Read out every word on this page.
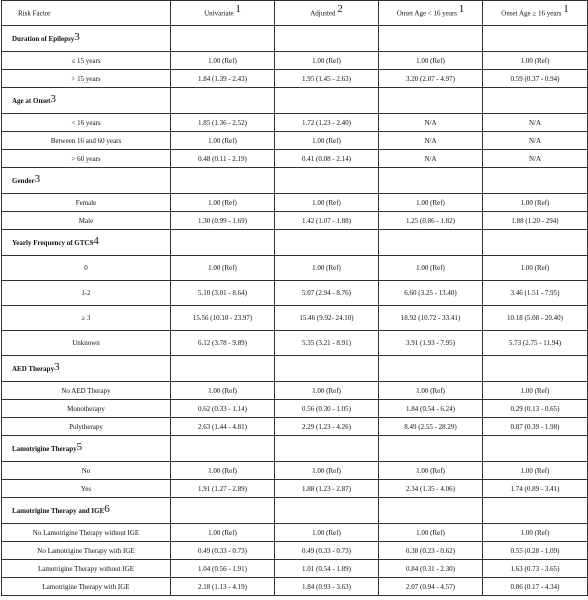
Risk Factor	Univariate $^1$	Adjusted $^2$	Onset Age < 16 years $^1$	Onset Age ≥ 16 years $^1$
Duration of Epilepsy$^3$				
≤ 15 years	1.00 (Ref)	1.00 (Ref)	1.00 (Ref)	1.00 (Ref)
> 15 years	1.84 (1.39 - 2.43)	1.95 (1.45 - 2.63)	3.20 (2.07 - 4.97)	0.59 (0.37 - 0.94)
Age at Onset$^3$				
< 16 years	1.85 (1.36 - 2.52)	1.72 (1.23 - 2.40)	N/A	N/A
Between 16 and 60 years	1.00 (Ref)	1.00 (Ref)	N/A	N/A
> 60 years	0.48 (0.11 - 2.19)	0.41 (0.08 - 2.14)	N/A	N/A
Gender$^3$				
Female	1.00 (Ref)	1.00 (Ref)	1.00 (Ref)	1.00 (Ref)
Male	1.30 (0.99 - 1.69)	1.42 (1.07 - 1.88)	1.25 (0.86 - 1.82)	1.88 (1.20 - 294)
Yearly Frequency of GTCS$^4$				
0	1.00 (Ref)	1.00 (Ref)	1.00 (Ref)	1.00 (Ref)
1-2	5.10 (3.01 - 8.64)	5.07 (2.94 - 8.76)	6.60 (3.25 - 13.40)	3.46 (1.51 - 7.95)
≥ 3	15.56 (10.10 - 23.97)	15.46 (9.92- 24.10)	18.92 (10.72 - 33.41)	10.18 (5.08 - 20.40)
Unknown	6.12 (3.78 - 9.89)	5.35 (3.21 - 8.91)	3.91 (1.93 - 7.95)	5.73 (2.75 - 11.94)
AED Therapy$^3$				
No AED Therapy	1.00 (Ref)	1.00 (Ref)	1.00 (Ref)	1.00 (Ref)
Monotherapy	0.62 (0.33 - 1.14)	0.56 (0.30 - 1.05)	1.84 (0.54 - 6.24)	0.29 (0.13 - 0.65)
Polytherapy	2.63 (1.44 - 4.81)	2.29 (1.23 - 4.26)	8.49 (2.55 - 28.29)	0.87 (0.39 - 1.98)
Lamotrigine Therapy$^5$				
No	1.00 (Ref)	1.00 (Ref)	1.00 (Ref)	1.00 (Ref)
Yes	1.91 (1.27 - 2.89)	1.88 (1.23 - 2.87)	2.34 (1.35 - 4.06)	1.74 (0.89 - 3.41)
Lamotrigine Therapy and IGE$^6$				
No Lamotrigine Therapy without IGE	1.00 (Ref)	1.00 (Ref)	1.00 (Ref)	1.00 (Ref)
No Lamotrigine Therapy with IGE	0.49 (0.33 - 0.73)	0.49 (0.33 - 0.73)	0.38 (0.23 - 0.62)	0.55 (0.28 - 1.09)
Lamotrigine Therapy without IGE	1.04 (0.56 - 1.91)	1.01 (0.54 - 1.89)	0.84 (0.31 - 2.30)	1.63 (0.73 - 3.65)
Lamotrigine Therapy with IGE	2.18 (1.13 - 4.19)	1.84 (0.93 - 3.63)	2.07 (0.94 - 4.57)	0.86 (0.17 - 4.34)
